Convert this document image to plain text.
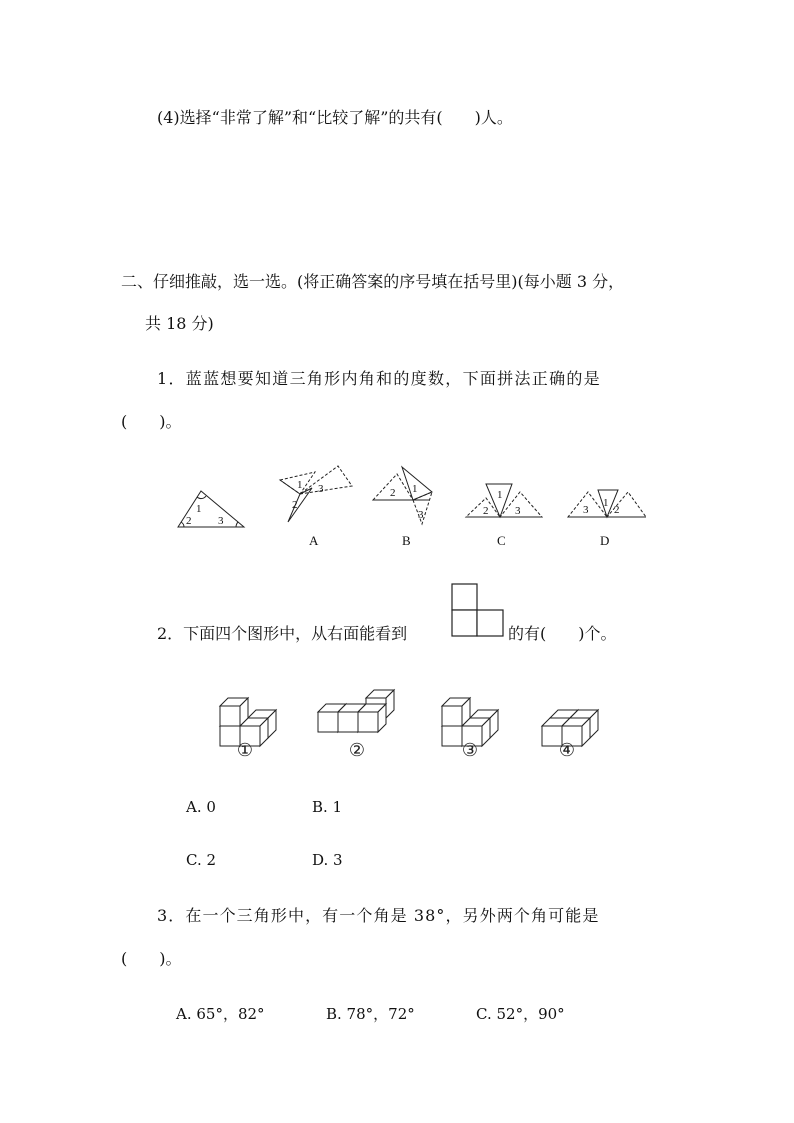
(4)选择“非常了解”和“比较了解”的共有(　　)人。
二、仔细推敲，选一选。(将正确答案的序号填在括号里)(每小题 3 分，
共 18 分)
1．蓝蓝想要知道三角形内角和的度数，下面拼法正确的是
(　　)。
1
2 3
1
2
3	1
2
3
1
2 3
1
2
3
A	B	C	D
2．下面四个图形中，从右面能看到	的有(　　)个。
①	②	③	④
A. 0	B. 1
C. 2	D. 3
3．在一个三角形中，有一个角是 38°，另外两个角可能是
(　　)。
A. 65°，82°	B. 78°，72°	C. 52°，90°
